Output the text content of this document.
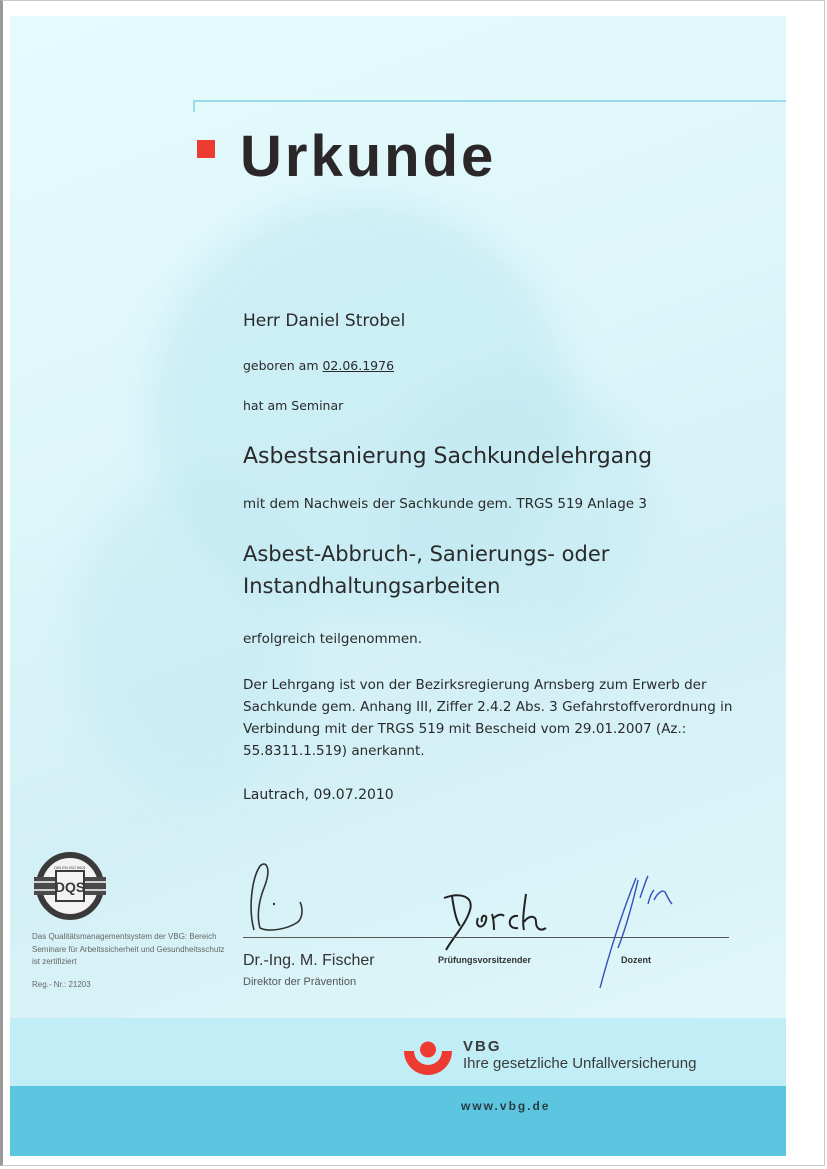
Urkunde
Herr Daniel Strobel
geboren am 02.06.1976
hat am Seminar
Asbestsanierung Sachkundelehrgang
mit dem Nachweis der Sachkunde gem. TRGS 519 Anlage 3
Asbest-Abbruch-, Sanierungs- oder
Instandhaltungsarbeiten
erfolgreich teilgenommen.
Der Lehrgang ist von der Bezirksregierung Arnsberg zum Erwerb der Sachkunde gem. Anhang III, Ziffer 2.4.2 Abs. 3 Gefahrstoffverordnung in Verbindung mit der TRGS 519 mit Bescheid vom 29.01.2007 (Az.: 55.8311.1.519) anerkannt.
Lautrach, 09.07.2010
Dr.-Ing. M. Fischer
Direktor der Prävention
Prüfungsvorsitzender	Dozent
DQS
DIN EN ISO 9001
Das Qualitätsmanagementsystem der VBG: Bereich Seminare für Arbeitssicherheit und Gesundheitsschutz ist zertifiziert
Reg.- Nr.: 21203
VBG
Ihre gesetzliche Unfallversicherung
www.vbg.de
